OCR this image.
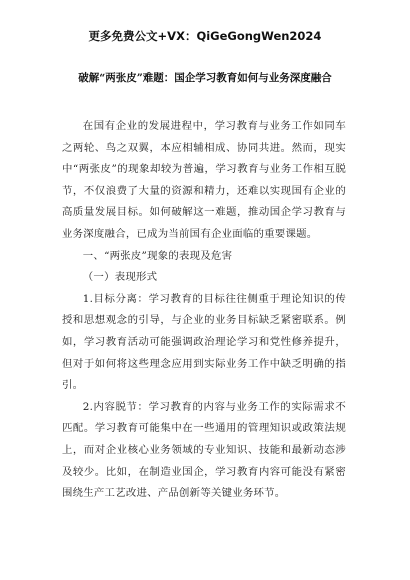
更多免费公文+VX：QiGeGongWen2024
破解“两张皮”难题：国企学习教育如何与业务深度融合

在国有企业的发展进程中，学习教育与业务工作如同车之两轮、鸟之双翼，本应相辅相成、协同共进。然而，现实中“两张皮”的现象却较为普遍，学习教育与业务工作相互脱节，不仅浪费了大量的资源和精力，还难以实现国有企业的高质量发展目标。如何破解这一难题，推动国企学习教育与业务深度融合，已成为当前国有企业面临的重要课题。

一、“两张皮”现象的表现及危害

（一）表现形式

1.目标分离：学习教育的目标往往侧重于理论知识的传授和思想观念的引导，与企业的业务目标缺乏紧密联系。例如，学习教育活动可能强调政治理论学习和党性修养提升，但对于如何将这些理念应用到实际业务工作中缺乏明确的指引。

2.内容脱节：学习教育的内容与业务工作的实际需求不匹配。学习教育可能集中在一些通用的管理知识或政策法规上，而对企业核心业务领域的专业知识、技能和最新动态涉及较少。比如，在制造业国企，学习教育内容可能没有紧密围绕生产工艺改进、产品创新等关键业务环节。
